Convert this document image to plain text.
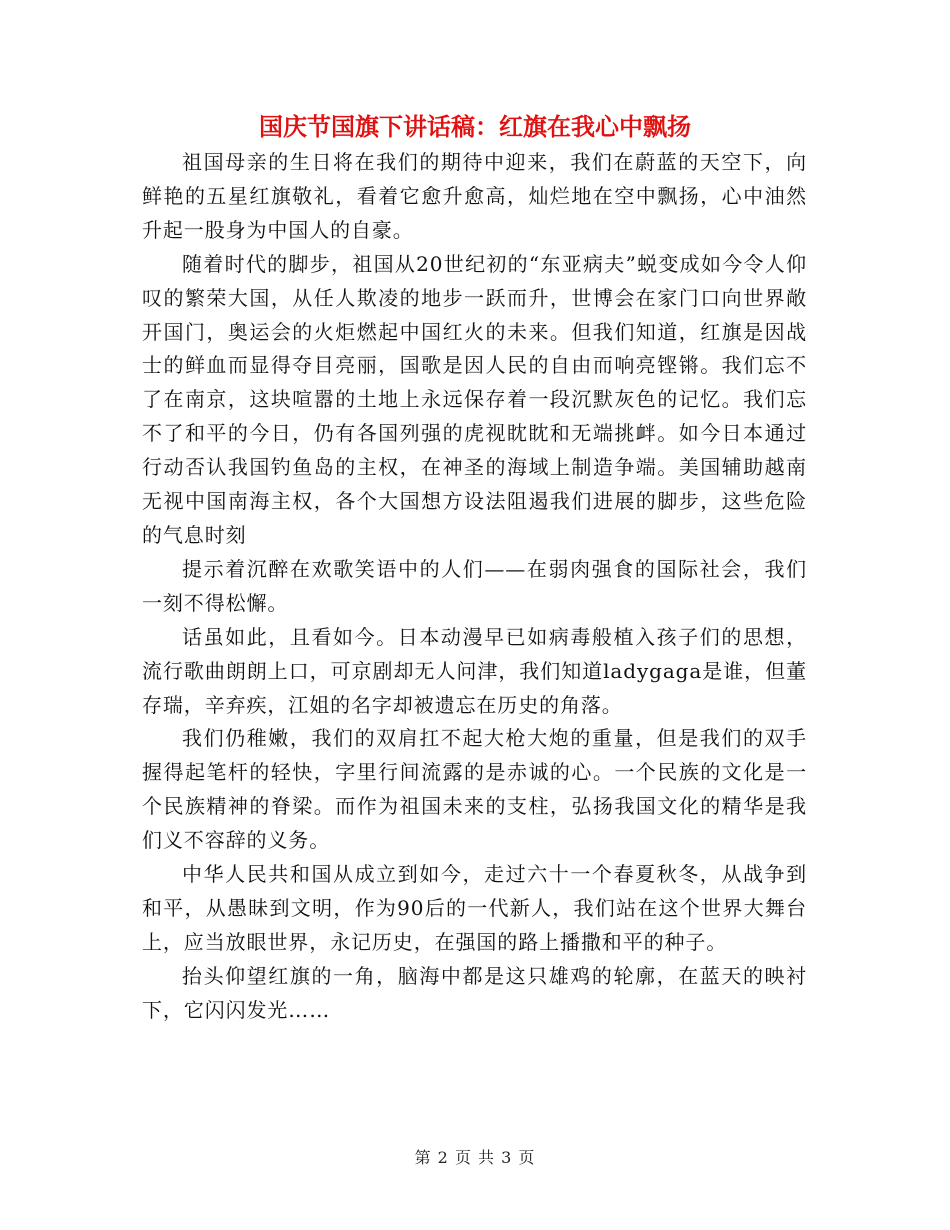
国庆节国旗下讲话稿：红旗在我心中飘扬

祖国母亲的生日将在我们的期待中迎来，我们在蔚蓝的天空下，向鲜艳的五星红旗敬礼，看着它愈升愈高，灿烂地在空中飘扬，心中油然升起一股身为中国人的自豪。

随着时代的脚步，祖国从20世纪初的“东亚病夫”蜕变成如今令人仰叹的繁荣大国，从任人欺凌的地步一跃而升，世博会在家门口向世界敞开国门，奥运会的火炬燃起中国红火的未来。但我们知道，红旗是因战士的鲜血而显得夺目亮丽，国歌是因人民的自由而响亮铿锵。我们忘不了在南京，这块喧嚣的土地上永远保存着一段沉默灰色的记忆。我们忘不了和平的今日，仍有各国列强的虎视眈眈和无端挑衅。如今日本通过行动否认我国钓鱼岛的主权，在神圣的海域上制造争端。美国辅助越南无视中国南海主权，各个大国想方设法阻遏我们进展的脚步，这些危险的气息时刻

提示着沉醉在欢歌笑语中的人们——在弱肉强食的国际社会，我们一刻不得松懈。

话虽如此，且看如今。日本动漫早已如病毒般植入孩子们的思想，流行歌曲朗朗上口，可京剧却无人问津，我们知道ladygaga是谁，但董存瑞，辛弃疾，江姐的名字却被遗忘在历史的角落。

我们仍稚嫩，我们的双肩扛不起大枪大炮的重量，但是我们的双手握得起笔杆的轻快，字里行间流露的是赤诚的心。一个民族的文化是一个民族精神的脊梁。而作为祖国未来的支柱，弘扬我国文化的精华是我们义不容辞的义务。

中华人民共和国从成立到如今，走过六十一个春夏秋冬，从战争到和平，从愚昧到文明，作为90后的一代新人，我们站在这个世界大舞台上，应当放眼世界，永记历史，在强国的路上播撒和平的种子。

抬头仰望红旗的一角，脑海中都是这只雄鸡的轮廓，在蓝天的映衬下，它闪闪发光……

第 2 页 共 3 页
